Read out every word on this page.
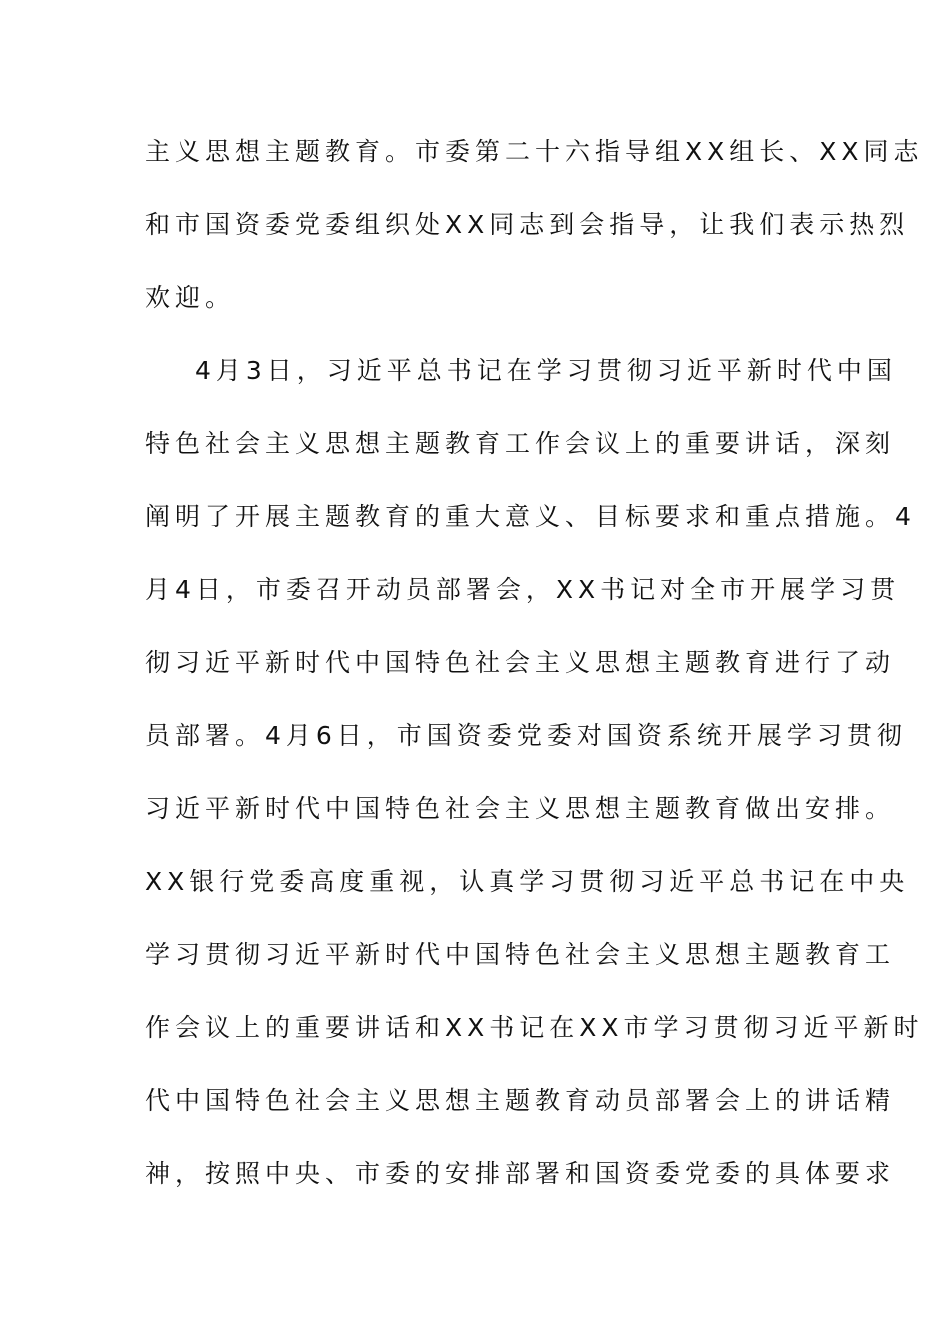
主义思想主题教育。市委第二十六指导组XX组长、XX同志
和市国资委党委组织处XX同志到会指导，让我们表示热烈
欢迎。
4月3日，习近平总书记在学习贯彻习近平新时代中国
特色社会主义思想主题教育工作会议上的重要讲话，深刻
阐明了开展主题教育的重大意义、目标要求和重点措施。4
月4日，市委召开动员部署会，XX书记对全市开展学习贯
彻习近平新时代中国特色社会主义思想主题教育进行了动
员部署。4月6日，市国资委党委对国资系统开展学习贯彻
习近平新时代中国特色社会主义思想主题教育做出安排。
XX银行党委高度重视，认真学习贯彻习近平总书记在中央
学习贯彻习近平新时代中国特色社会主义思想主题教育工
作会议上的重要讲话和XX书记在XX市学习贯彻习近平新时
代中国特色社会主义思想主题教育动员部署会上的讲话精
神，按照中央、市委的安排部署和国资委党委的具体要求
